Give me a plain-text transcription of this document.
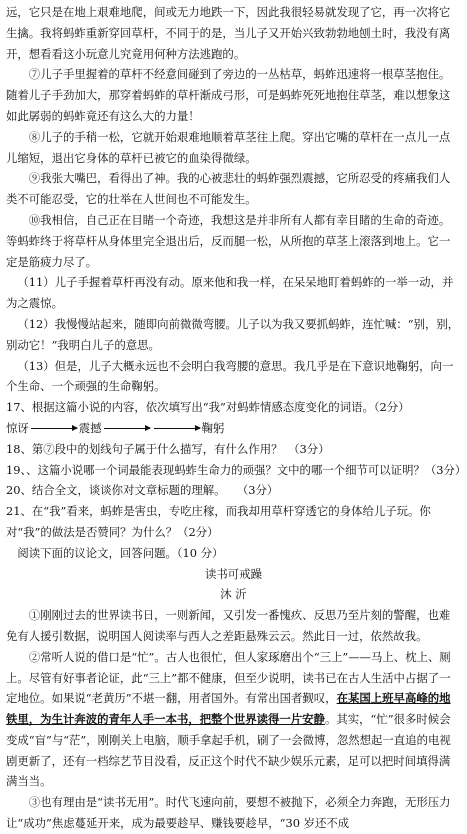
远，它只是在地上艰难地爬，间或无力地跌一下，因此我很轻易就发现了它，再一次将它生擒。我将蚂蚱重新穿回草杆，不同于的是，当儿子又开始兴致勃勃地刨土时，我没有离开，想看看这小玩意儿究竟用何种方法逃跑的。

⑦儿子手里握着的草杆不经意间碰到了旁边的一丛枯草，蚂蚱迅速将一根草茎抱住。随着儿子手劲加大，那穿着蚂蚱的草杆渐成弓形，可是蚂蚱死死地抱住草茎，难以想象这如此孱弱的蚂蚱竟还有这么大的力量！

⑧儿子的手稍一松，它就开始艰难地顺着草茎往上爬。穿出它嘴的草杆在一点儿一点儿缩短，退出它身体的草杆已被它的血染得微绿。

⑨我张大嘴巴，看得出了神。我的心被悲壮的蚂蚱强烈震撼，它所忍受的疼痛我们人类不可能忍受，它的壮举在人世间也不可能发生。

⑩我相信，自己正在目睹一个奇迹，我想这是并非所有人都有幸目睹的生命的奇迹。等蚂蚱终于将草杆从身体里完全退出后，反而腿一松，从所抱的草茎上滚落到地上。它一定是筋疲力尽了。

（11）儿子手握着草杆再没有动。原来他和我一样，在呆呆地盯着蚂蚱的一举一动，并为之震惊。

（12）我慢慢站起来，随即向前微微弯腰。儿子以为我又要抓蚂蚱，连忙喊：“别，别，别动它！”我明白儿子的意思。

（13）但是，儿子大概永远也不会明白我弯腰的意思。我几乎是在下意识地鞠躬，向一个生命、一个顽强的生命鞠躬。

17、根据这篇小说的内容，依次填写出“我”对蚂蚱情感态度变化的词语。（2分）

惊讶	震撼	鞠躬

18、第⑦段中的划线句子属于什么描写，有什么作用？　（3分）

19、、这篇小说哪一个词最能表现蚂蚱生命力的顽强？文中的哪一个细节可以证明？（3分）

20、结合全文，谈谈你对文章标题的理解。　　（3分）

21、在“我”看来，蚂蚱是害虫，专吃庄稼，而我却用草杆穿透它的身体给儿子玩。你对“我”的做法是否赞同？为什么？（2分）

阅读下面的议论文，回答问题。（10 分）

读书可戒躁

沐 沂

①刚刚过去的世界读书日，一则新闻，又引发一番愧疚、反思乃至片刻的警醒，也难免有人援引数据，说明国人阅读率与西人之差距悬殊云云。然此日一过，依然故我。

②常听人说的借口是“忙”。古人也很忙，但人家琢磨出个“三上”——马上、枕上、厕上。尽管有好事者论证，此“三上”都不健康，但至少说明，读书已在古人生活中占据了一定地位。如果说“老黄历”不堪一翻，用者国外。有常出国者觐叹，在某国上班早高峰的地铁里，为生计奔波的青年人手一本书，把整个世界读得一片安静。其实，“忙”很多时候会变成“盲”与“茫”，刚刚关上电脑，顺手拿起手机，刷了一会微博，忽然想起一直追的电视剧更新了，还有一档综艺节目没看，反正这个时代不缺少娱乐元素，足可以把时间填得满满当当。

③也有理由是“读书无用”。时代飞速向前，要想不被抛下，必须全力奔跑，无形压力让“成功”焦虑蔓延开来，成为最要趁早、赚钱要趁早，“30 岁还不成
